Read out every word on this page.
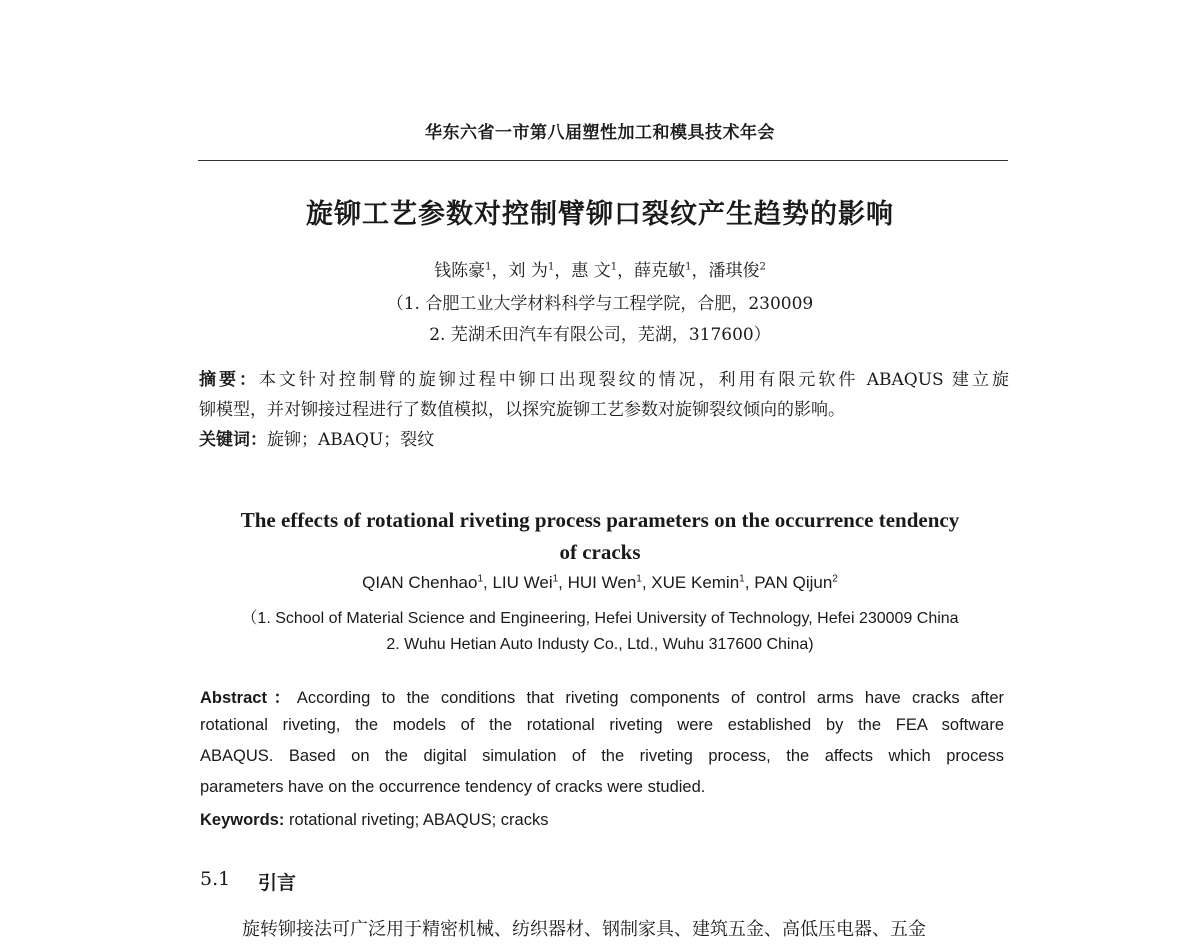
华东六省一市第八届塑性加工和模具技术年会
旋铆工艺参数对控制臂铆口裂纹产生趋势的影响
钱陈豪$^1$，刘 为$^1$，惠 文$^1$，薛克敏$^1$，潘琪俊$^2$
（1. 合肥工业大学材料科学与工程学院，合肥，230009
2. 芜湖禾田汽车有限公司，芜湖，317600）
摘要：本文针对控制臂的旋铆过程中铆口出现裂纹的情况，利用有限元软件 ABAQUS 建立旋
铆模型，并对铆接过程进行了数值模拟，以探究旋铆工艺参数对旋铆裂纹倾向的影响。
关键词：旋铆；ABAQU；裂纹
The effects of rotational riveting process parameters on the occurrence tendency
of cracks
QIAN Chenhao$^1$, LIU Wei$^1$, HUI Wen$^1$, XUE Kemin$^1$, PAN Qijun$^2$
（1. School of Material Science and Engineering, Hefei University of Technology, Hefei 230009 China
2. Wuhu Hetian Auto Industy Co., Ltd., Wuhu 317600 China)
Abstract：According to the conditions that riveting components of control arms have cracks after
rotational riveting, the models of the rotational riveting were established by the FEA software
ABAQUS. Based on the digital simulation of the riveting process, the affects which process
parameters have on the occurrence tendency of cracks were studied.
Keywords: rotational riveting; ABAQUS; cracks
5.1 引言
旋转铆接法可广泛用于精密机械、纺织器材、钢制家具、建筑五金、高低压电器、五金
